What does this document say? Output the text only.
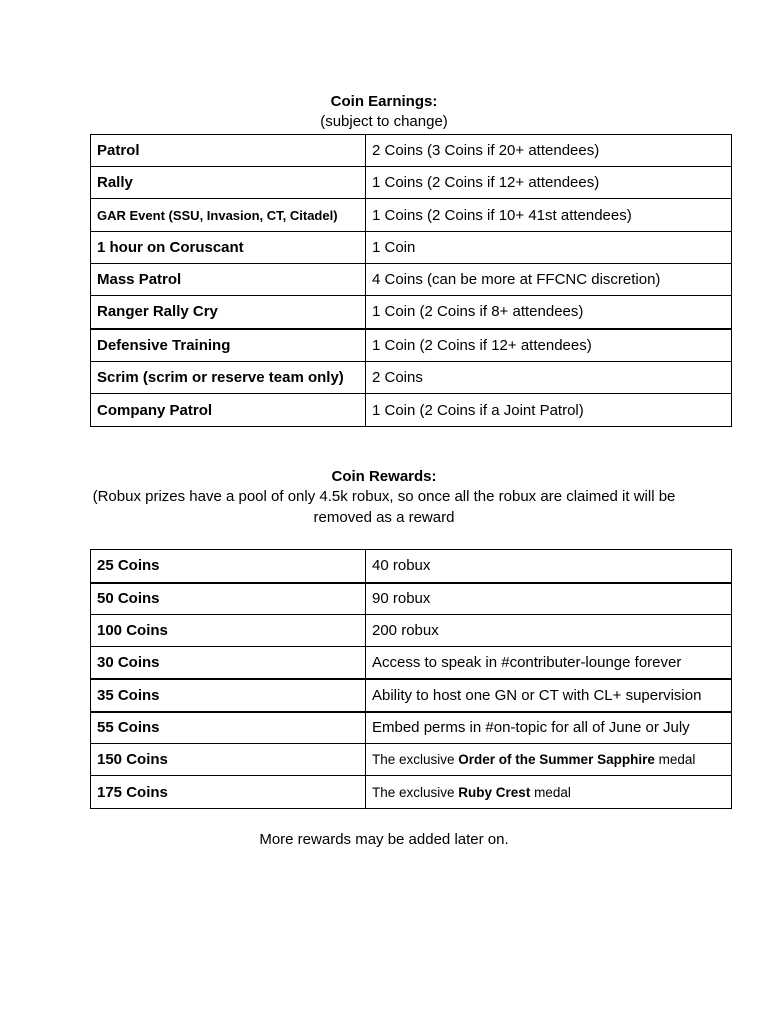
Coin Earnings:
(subject to change)
Patrol	2 Coins (3 Coins if 20+ attendees)
Rally	1 Coins (2 Coins if 12+ attendees)
GAR Event (SSU, Invasion, CT, Citadel)	1 Coins (2 Coins if 10+ 41st attendees)
1 hour on Coruscant	1 Coin
Mass Patrol	4 Coins (can be more at FFCNC discretion)
Ranger Rally Cry	1 Coin (2 Coins if 8+ attendees)
Defensive Training	1 Coin (2 Coins if 12+ attendees)
Scrim (scrim or reserve team only)	2 Coins
Company Patrol	1 Coin (2 Coins if a Joint Patrol)
Coin Rewards:
(Robux prizes have a pool of only 4.5k robux, so once all the robux are claimed it will be removed as a reward
25 Coins	40 robux
50 Coins	90 robux
100 Coins	200 robux
30 Coins	Access to speak in #contributer-lounge forever
35 Coins	Ability to host one GN or CT with CL+ supervision
55 Coins	Embed perms in #on-topic for all of June or July
150 Coins	The exclusive Order of the Summer Sapphire medal
175 Coins	The exclusive Ruby Crest medal
More rewards may be added later on.
